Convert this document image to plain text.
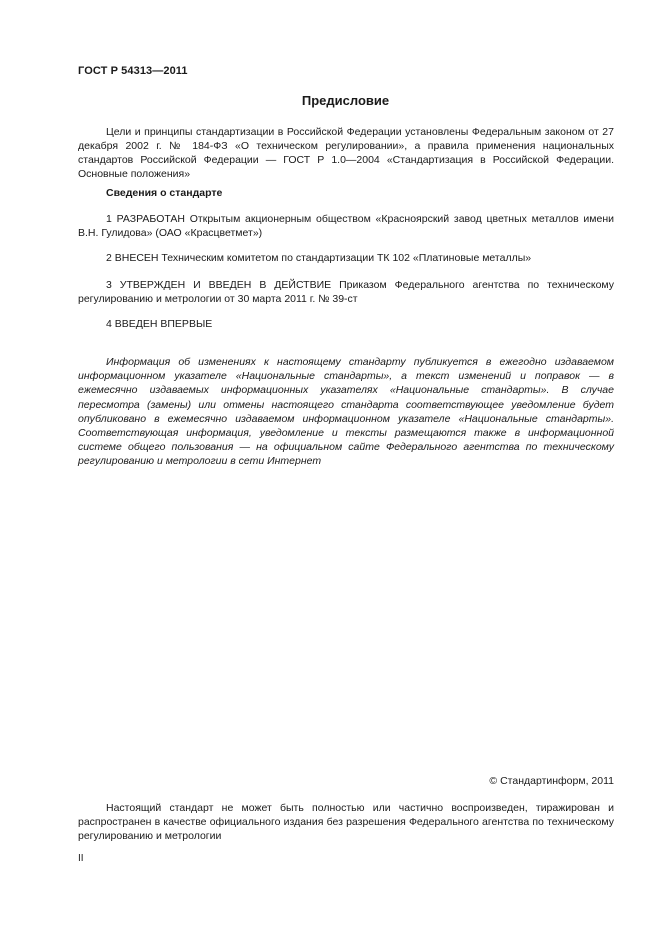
ГОСТ Р 54313—2011
Предисловие

Цели и принципы стандартизации в Российской Федерации установлены Федеральным законом от 27 декабря 2002 г. № 184-ФЗ «О техническом регулировании», а правила применения национальных стандартов Российской Федерации — ГОСТ Р 1.0—2004 «Стандартизация в Российской Федерации. Основные положения»

Сведения о стандарте

1 РАЗРАБОТАН Открытым акционерным обществом «Красноярский завод цветных металлов имени В.Н. Гулидова» (ОАО «Красцветмет»)

2 ВНЕСЕН Техническим комитетом по стандартизации ТК 102 «Платиновые металлы»

3 УТВЕРЖДЕН И ВВЕДЕН В ДЕЙСТВИЕ Приказом Федерального агентства по техническому регулированию и метрологии от 30 марта 2011 г. № 39-ст

4 ВВЕДЕН ВПЕРВЫЕ

Информация об изменениях к настоящему стандарту публикуется в ежегодно издаваемом информационном указателе «Национальные стандарты», а текст изменений и поправок — в ежемесячно издаваемых информационных указателях «Национальные стандарты». В случае пересмотра (замены) или отмены настоящего стандарта соответствующее уведомление будет опубликовано в ежемесячно издаваемом информационном указателе «Национальные стандарты». Соответствующая информация, уведомление и тексты размещаются также в информационной системе общего пользования — на официальном сайте Федерального агентства по техническому регулированию и метрологии в сети Интернет

© Стандартинформ, 2011

Настоящий стандарт не может быть полностью или частично воспроизведен, тиражирован и распространен в качестве официального издания без разрешения Федерального агентства по техническому регулированию и метрологии

II
